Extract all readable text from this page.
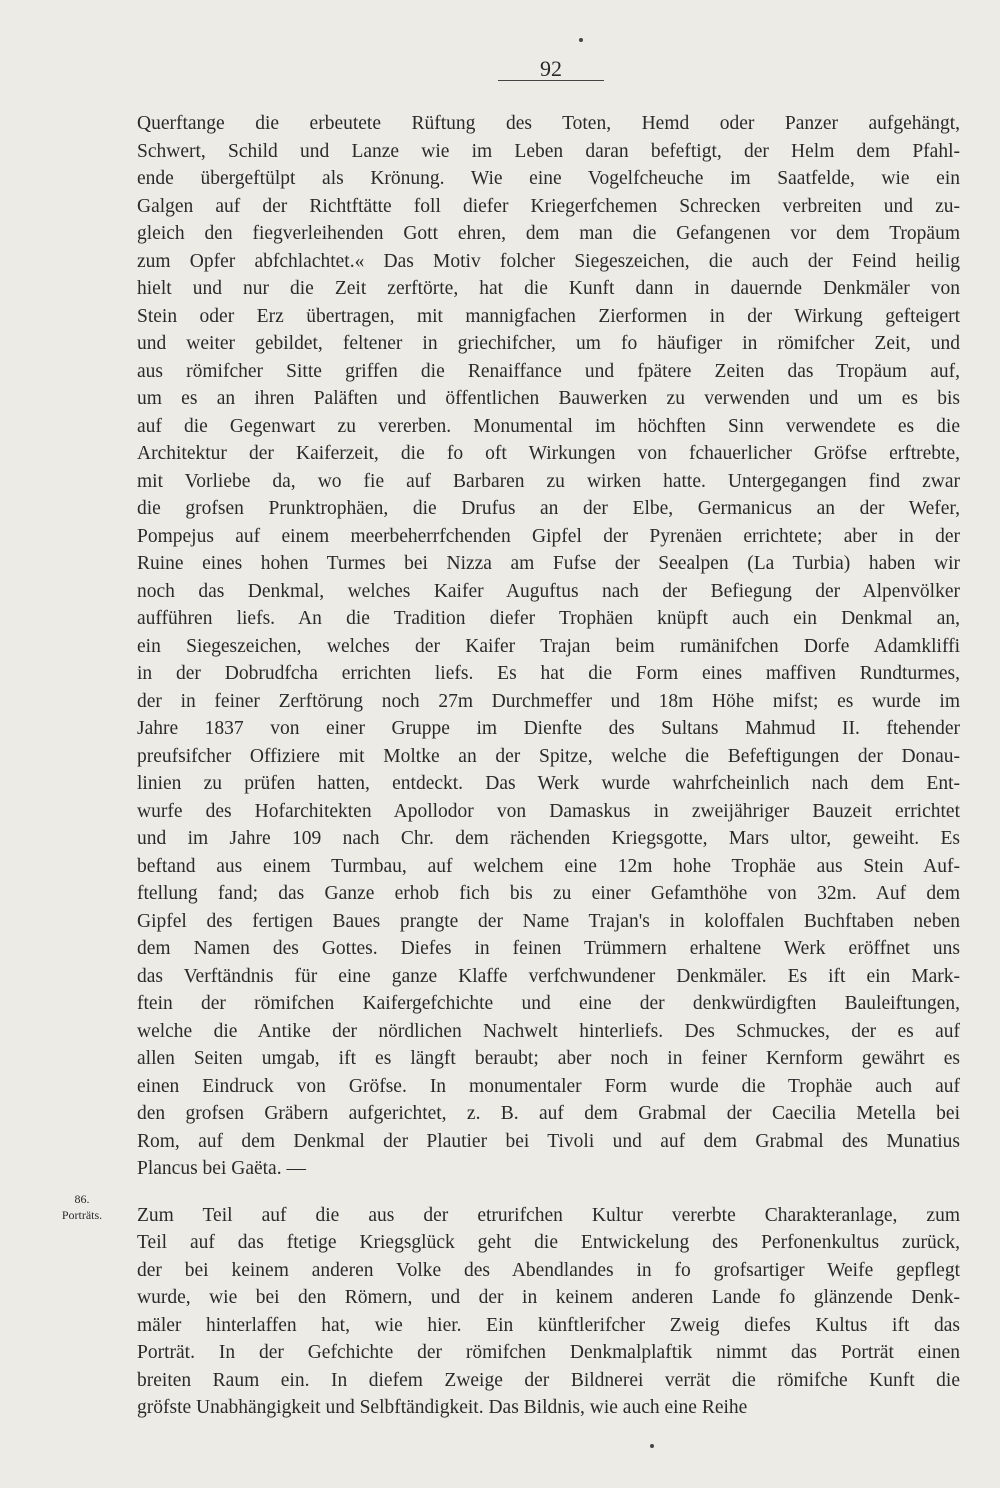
92
86.
Porträts.
Querftange die erbeutete Rüftung des Toten, Hemd oder Panzer aufgehängt,
Schwert, Schild und Lanze wie im Leben daran befeftigt, der Helm dem Pfahl-
ende übergeftülpt als Krönung. Wie eine Vogelfcheuche im Saatfelde, wie ein
Galgen auf der Richtftätte foll diefer Kriegerfchemen Schrecken verbreiten und zu-
gleich den fiegverleihenden Gott ehren, dem man die Gefangenen vor dem Tropäum
zum Opfer abfchlachtet.« Das Motiv folcher Siegeszeichen, die auch der Feind heilig
hielt und nur die Zeit zerftörte, hat die Kunft dann in dauernde Denkmäler von
Stein oder Erz übertragen, mit mannigfachen Zierformen in der Wirkung gefteigert
und weiter gebildet, feltener in griechifcher, um fo häufiger in römifcher Zeit, und
aus römifcher Sitte griffen die Renaiffance und fpätere Zeiten das Tropäum auf,
um es an ihren Paläften und öffentlichen Bauwerken zu verwenden und um es bis
auf die Gegenwart zu vererben. Monumental im höchften Sinn verwendete es die
Architektur der Kaiferzeit, die fo oft Wirkungen von fchauerlicher Gröfse erftrebte,
mit Vorliebe da, wo fie auf Barbaren zu wirken hatte. Untergegangen find zwar
die grofsen Prunktrophäen, die Drufus an der Elbe, Germanicus an der Wefer,
Pompejus auf einem meerbeherrfchenden Gipfel der Pyrenäen errichtete; aber in der
Ruine eines hohen Turmes bei Nizza am Fufse der Seealpen (La Turbia) haben wir
noch das Denkmal, welches Kaifer Auguftus nach der Befiegung der Alpenvölker
aufführen liefs. An die Tradition diefer Trophäen knüpft auch ein Denkmal an,
ein Siegeszeichen, welches der Kaifer Trajan beim rumänifchen Dorfe Adamkliffi
in der Dobrudfcha errichten liefs. Es hat die Form eines maffiven Rundturmes,
der in feiner Zerftörung noch 27m Durchmeffer und 18m Höhe mifst; es wurde im
Jahre 1837 von einer Gruppe im Dienfte des Sultans Mahmud II. ftehender
preufsifcher Offiziere mit Moltke an der Spitze, welche die Befeftigungen der Donau-
linien zu prüfen hatten, entdeckt. Das Werk wurde wahrfcheinlich nach dem Ent-
wurfe des Hofarchitekten Apollodor von Damaskus in zweijähriger Bauzeit errichtet
und im Jahre 109 nach Chr. dem rächenden Kriegsgotte, Mars ultor, geweiht. Es
beftand aus einem Turmbau, auf welchem eine 12m hohe Trophäe aus Stein Auf-
ftellung fand; das Ganze erhob fich bis zu einer Gefamthöhe von 32m. Auf dem
Gipfel des fertigen Baues prangte der Name Trajan's in koloffalen Buchftaben neben
dem Namen des Gottes. Diefes in feinen Trümmern erhaltene Werk eröffnet uns
das Verftändnis für eine ganze Klaffe verfchwundener Denkmäler. Es ift ein Mark-
ftein der römifchen Kaifergefchichte und eine der denkwürdigften Bauleiftungen,
welche die Antike der nördlichen Nachwelt hinterliefs. Des Schmuckes, der es auf
allen Seiten umgab, ift es längft beraubt; aber noch in feiner Kernform gewährt es
einen Eindruck von Gröfse. In monumentaler Form wurde die Trophäe auch auf
den grofsen Gräbern aufgerichtet, z. B. auf dem Grabmal der Caecilia Metella bei
Rom, auf dem Denkmal der Plautier bei Tivoli und auf dem Grabmal des Munatius
Plancus bei Gaëta. —
Zum Teil auf die aus der etrurifchen Kultur vererbte Charakteranlage, zum
Teil auf das ftetige Kriegsglück geht die Entwickelung des Perfonenkultus zurück,
der bei keinem anderen Volke des Abendlandes in fo grofsartiger Weife gepflegt
wurde, wie bei den Römern, und der in keinem anderen Lande fo glänzende Denk-
mäler hinterlaffen hat, wie hier. Ein künftlerifcher Zweig diefes Kultus ift das
Porträt. In der Gefchichte der römifchen Denkmalplaftik nimmt das Porträt einen
breiten Raum ein. In diefem Zweige der Bildnerei verrät die römifche Kunft die
gröfste Unabhängigkeit und Selbftändigkeit. Das Bildnis, wie auch eine Reihe
